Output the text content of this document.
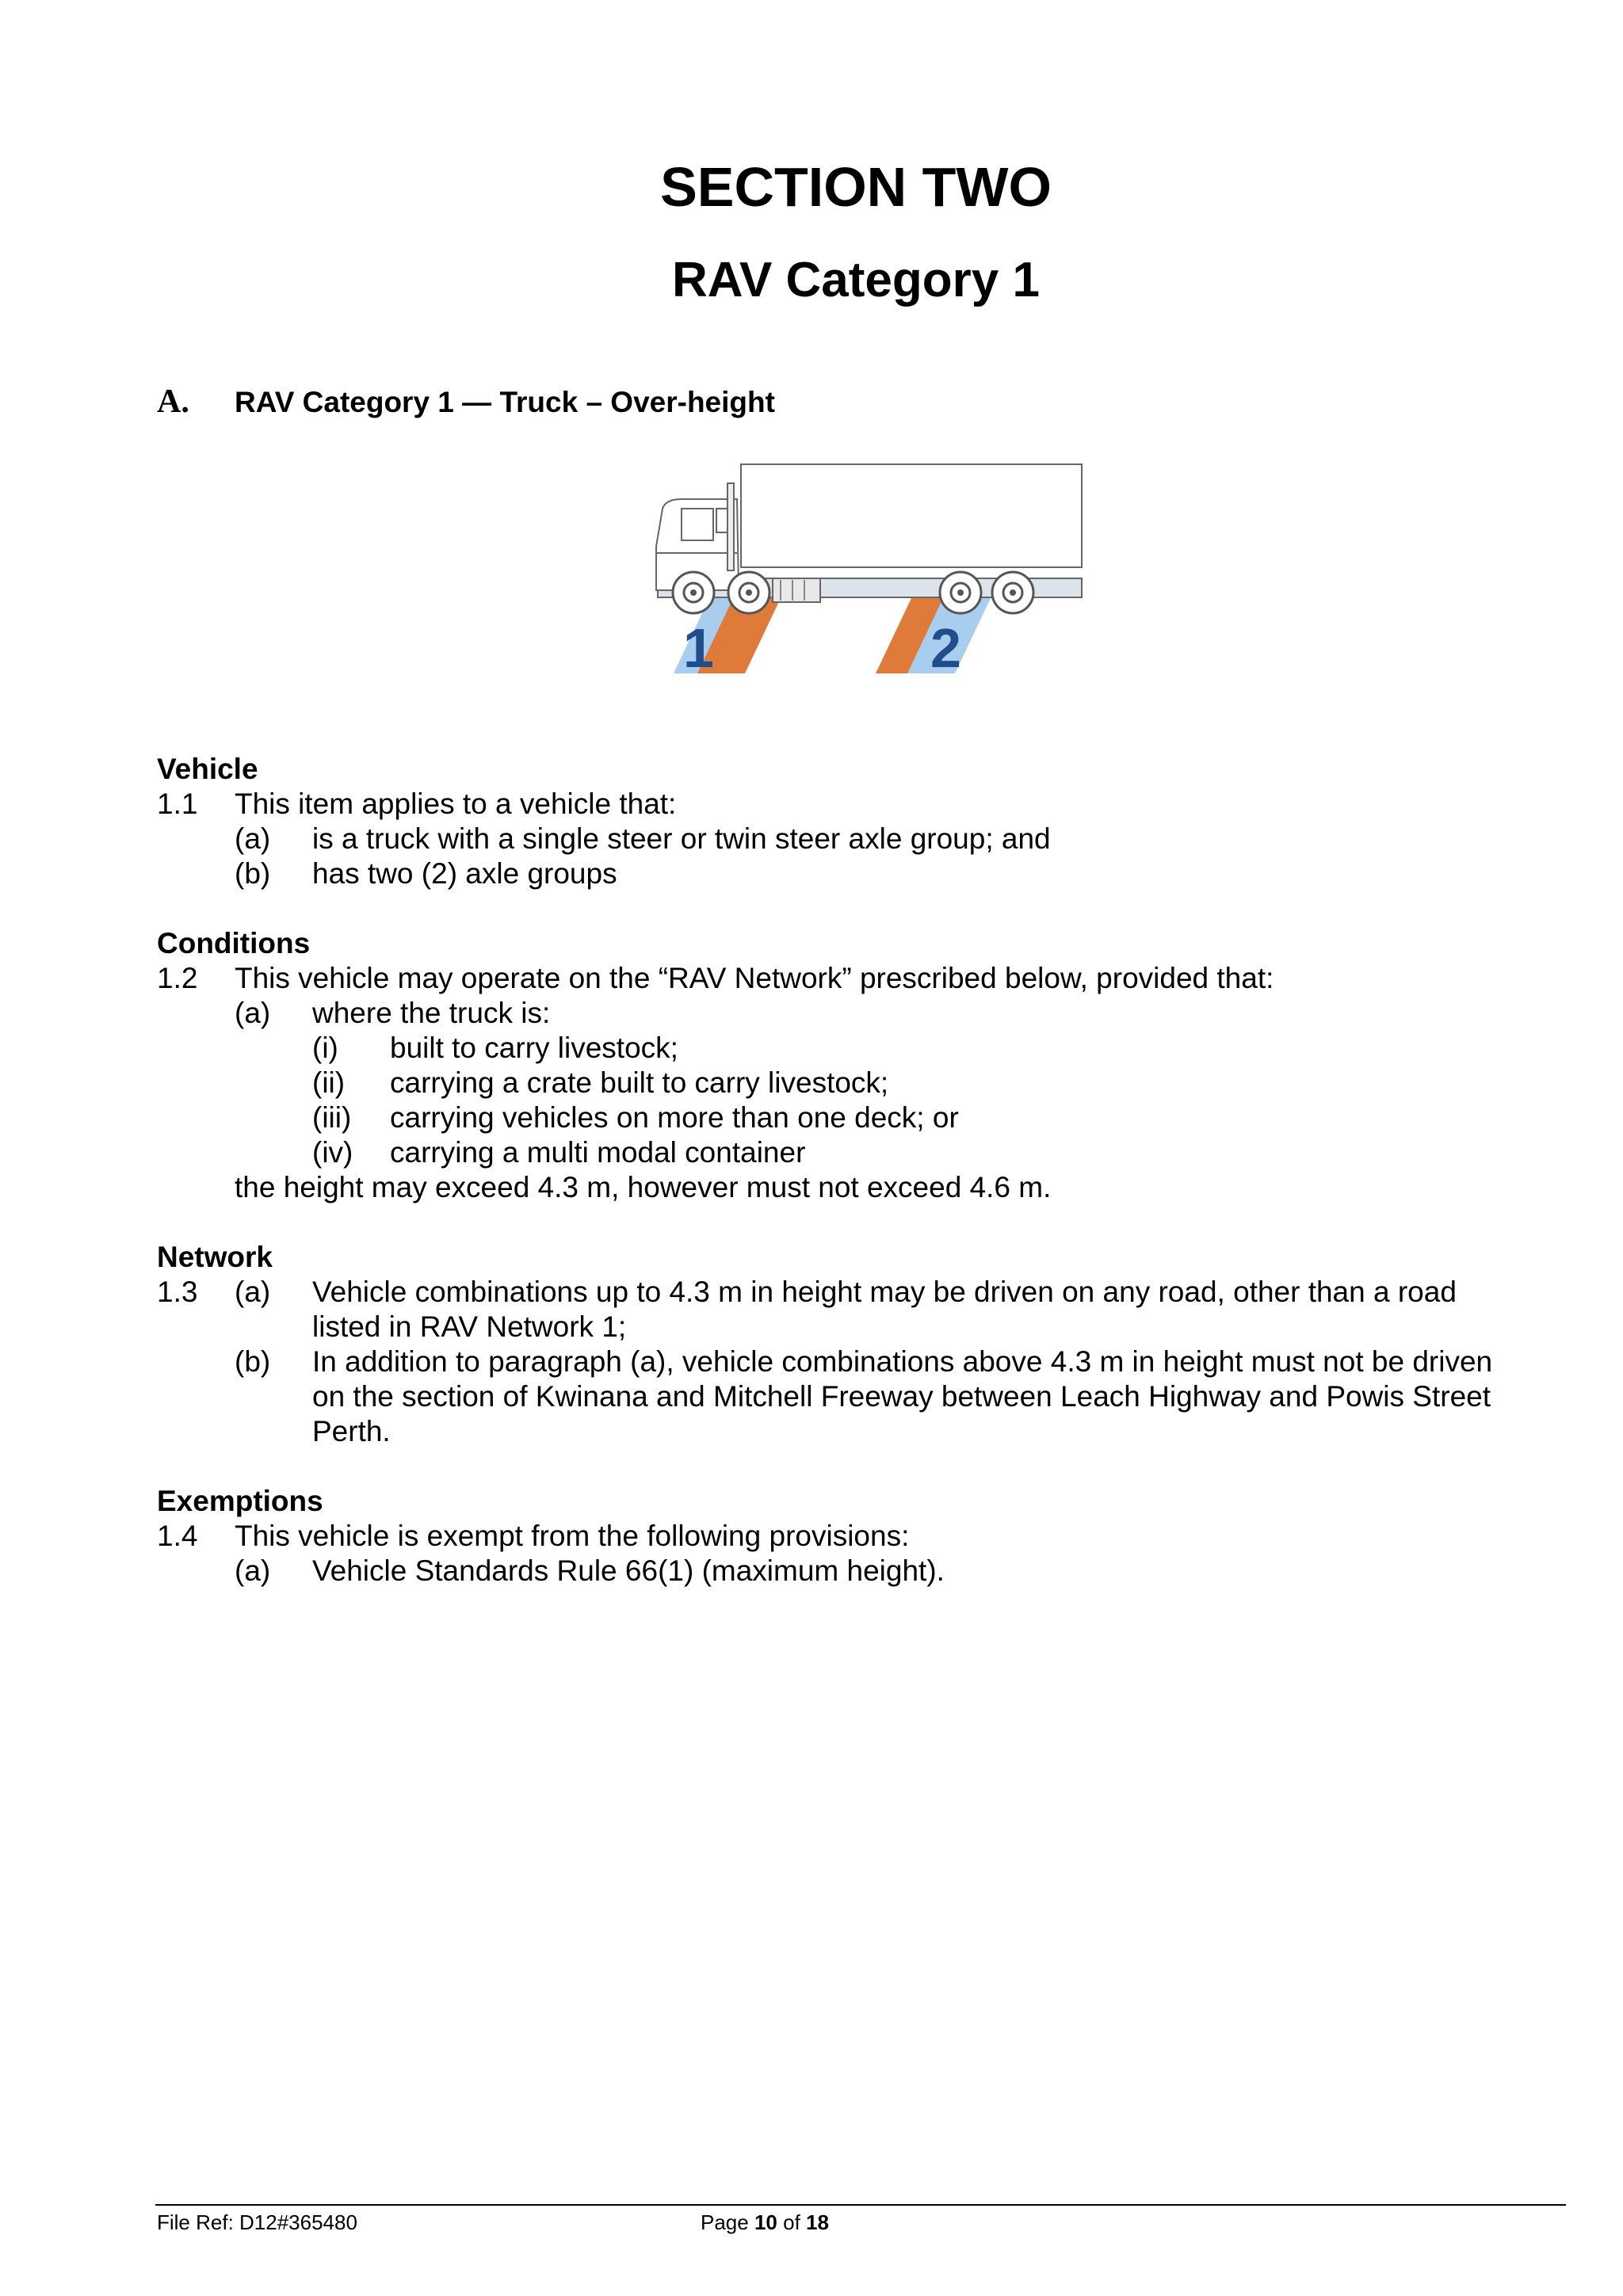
SECTION TWO
RAV Category 1
A. RAV Category 1 — Truck – Over-height
1	2
Vehicle
1.1 This item applies to a vehicle that:
(a) is a truck with a single steer or twin steer axle group; and
(b) has two (2) axle groups
Conditions
1.2 This vehicle may operate on the “RAV Network” prescribed below, provided that:
(a) where the truck is:
(i) built to carry livestock;
(ii) carrying a crate built to carry livestock;
(iii) carrying vehicles on more than one deck; or
(iv) carrying a multi modal container
the height may exceed 4.3 m, however must not exceed 4.6 m.
Network
1.3 (a) Vehicle combinations up to 4.3 m in height may be driven on any road, other than a road
listed in RAV Network 1;
(b) In addition to paragraph (a), vehicle combinations above 4.3 m in height must not be driven
on the section of Kwinana and Mitchell Freeway between Leach Highway and Powis Street
Perth.
Exemptions
1.4 This vehicle is exempt from the following provisions:
(a) Vehicle Standards Rule 66(1) (maximum height).
File Ref: D12#365480	Page 10 of 18
